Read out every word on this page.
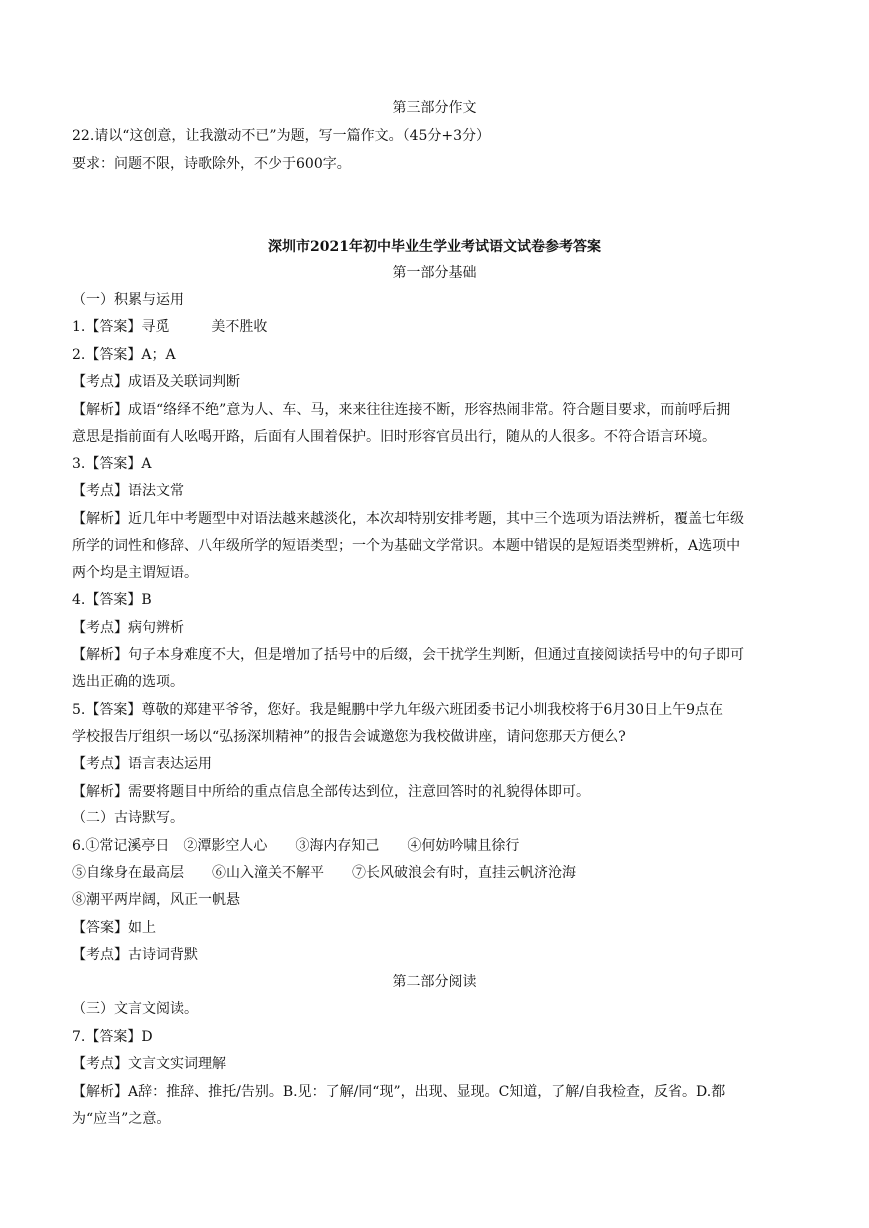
第三部分作文
22.请以“这创意，让我激动不已”为题，写一篇作文。（45分+3分）
要求：问题不限，诗歌除外，不少于600字。
深圳市2021年初中毕业生学业考试语文试卷参考答案
第一部分基础
（一）积累与运用
1.【答案】寻觅　　　美不胜收
2.【答案】A；A
【考点】成语及关联词判断
【解析】成语“络绎不绝”意为人、车、马，来来往往连接不断，形容热闹非常。符合题目要求，而前呼后拥
意思是指前面有人吆喝开路，后面有人围着保护。旧时形容官员出行，随从的人很多。不符合语言环境。
3.【答案】A
【考点】语法文常
【解析】近几年中考题型中对语法越来越淡化，本次却特别安排考题，其中三个选项为语法辨析，覆盖七年级
所学的词性和修辞、八年级所学的短语类型；一个为基础文学常识。本题中错误的是短语类型辨析，A选项中
两个均是主谓短语。
4.【答案】B
【考点】病句辨析
【解析】句子本身难度不大，但是增加了括号中的后缀，会干扰学生判断，但通过直接阅读括号中的句子即可
选出正确的选项。
5.【答案】尊敬的郑建平爷爷，您好。我是鲲鹏中学九年级六班团委书记小圳我校将于6月30日上午9点在
学校报告厅组织一场以“弘扬深圳精神”的报告会诚邀您为我校做讲座，请问您那天方便么?
【考点】语言表达运用
【解析】需要将题目中所给的重点信息全部传达到位，注意回答时的礼貌得体即可。
（二）古诗默写。
6.①常记溪亭日　②潭影空人心　　③海内存知己　　④何妨吟啸且徐行
⑤自缘身在最高层　　⑥山入潼关不解平　　⑦长风破浪会有时，直挂云帆济沧海
⑧潮平两岸阔，风正一帆悬
【答案】如上
【考点】古诗词背默
第二部分阅读
（三）文言文阅读。
7.【答案】D
【考点】文言文实词理解
【解析】A辞：推辞、推托/告别。B.见：了解/同“现”，出现、显现。C知道，了解/自我检查，反省。D.都
为“应当”之意。
